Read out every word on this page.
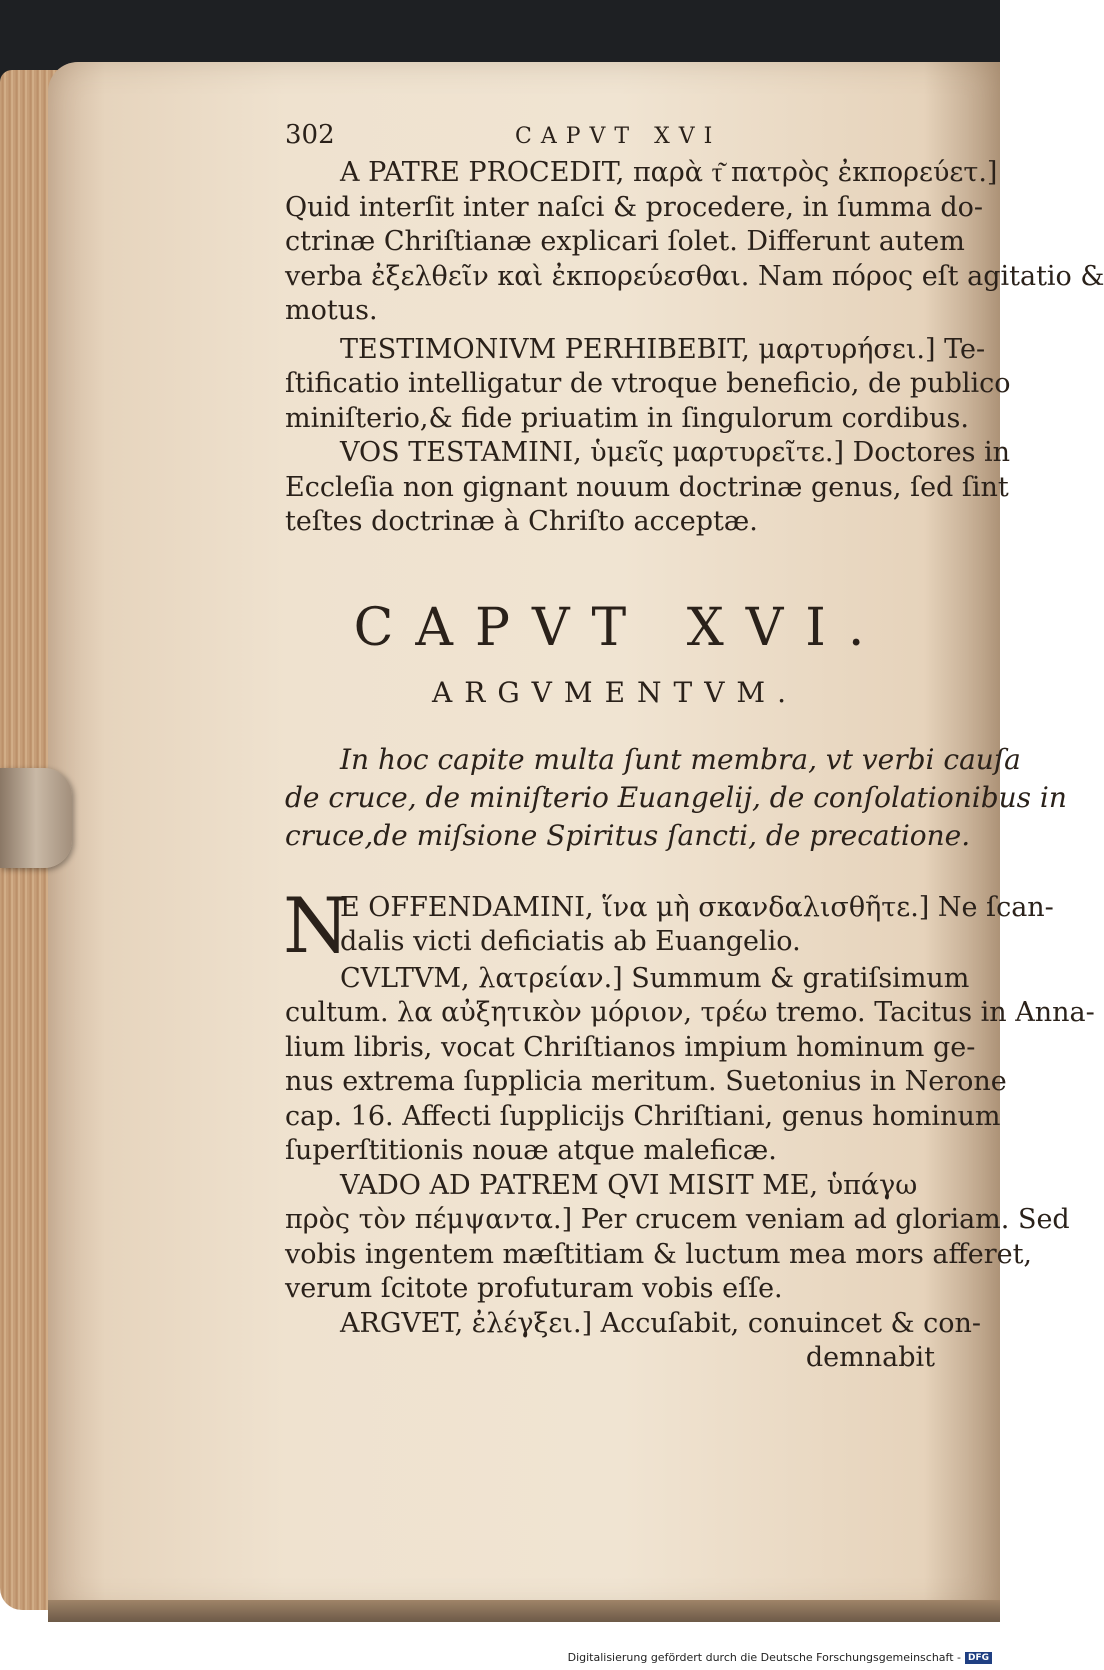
302	CAPVT XVI
A PATRE PROCEDIT, παρὰ τ͂ πατρὸς ἐκπορεύετ.]
Quid interſit inter naſci & procedere, in ſumma do-
ctrinæ Chriſtianæ explicari ſolet. Differunt autem
verba ἐξελθεῖν καὶ ἐκπορεύεσθαι. Nam πόρος eſt agitatio &
motus.
TESTIMONIVM PERHIBEBIT, μαρτυρήσει.] Te-
ſtificatio intelligatur de vtroque beneficio, de publico
miniſterio,& fide priuatim in ſingulorum cordibus.
VOS TESTAMINI, ὑμεῖς μαρτυρεῖτε.] Doctores in
Eccleſia non gignant nouum doctrinæ genus, ſed ſint
teſtes doctrinæ à Chriſto acceptæ.
CAPVT XVI.
ARGVMENTVM.
In hoc capite multa ſunt membra, vt verbi cauſa
de cruce, de miniſterio Euangelij, de conſolationibus in
cruce,de miſsione Spiritus ſancti, de precatione.
N
E OFFENDAMINI, ἵνα μὴ σκανδαλισθῆτε.] Ne ſcan-
dalis victi deficiatis ab Euangelio.
CVLTVM, λατρείαν.] Summum & gratiſsimum
cultum. λα αὐξητικὸν μόριον, τρέω tremo. Tacitus in Anna-
lium libris, vocat Chriſtianos impium hominum ge-
nus extrema ſupplicia meritum. Suetonius in Nerone
cap. 16. Affecti ſupplicijs Chriſtiani, genus hominum
ſuperſtitionis nouæ atque maleficæ.
VADO AD PATREM QVI MISIT ME, ὑπάγω
πρὸς τὸν πέμψαντα.] Per crucem veniam ad gloriam. Sed
vobis ingentem mæſtitiam & luctum mea mors afferet,
verum ſcitote profuturam vobis eſſe.
ARGVET, ἐλέγξει.] Accuſabit, conuincet & con-
demnabit
Digitalisierung gefördert durch die Deutsche Forschungsgemeinschaft - DFG
